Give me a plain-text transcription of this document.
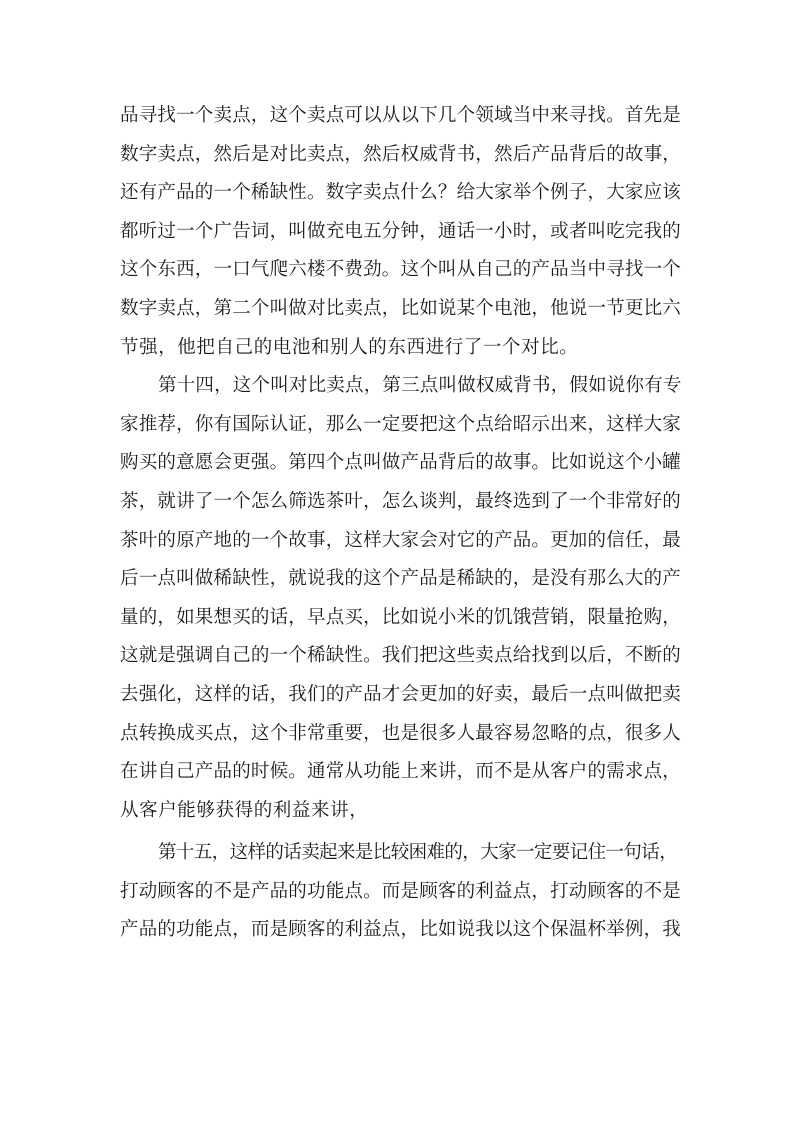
品寻找一个卖点，这个卖点可以从以下几个领域当中来寻找。首先是
数字卖点，然后是对比卖点，然后权威背书，然后产品背后的故事，
还有产品的一个稀缺性。数字卖点什么？给大家举个例子，大家应该
都听过一个广告词，叫做充电五分钟，通话一小时，或者叫吃完我的
这个东西，一口气爬六楼不费劲。这个叫从自己的产品当中寻找一个
数字卖点，第二个叫做对比卖点，比如说某个电池，他说一节更比六
节强，他把自己的电池和别人的东西进行了一个对比。
第十四，这个叫对比卖点，第三点叫做权威背书，假如说你有专
家推荐，你有国际认证，那么一定要把这个点给昭示出来，这样大家
购买的意愿会更强。第四个点叫做产品背后的故事。比如说这个小罐
茶，就讲了一个怎么筛选茶叶，怎么谈判，最终选到了一个非常好的
茶叶的原产地的一个故事，这样大家会对它的产品。更加的信任，最
后一点叫做稀缺性，就说我的这个产品是稀缺的，是没有那么大的产
量的，如果想买的话，早点买，比如说小米的饥饿营销，限量抢购，
这就是强调自己的一个稀缺性。我们把这些卖点给找到以后，不断的
去强化，这样的话，我们的产品才会更加的好卖，最后一点叫做把卖
点转换成买点，这个非常重要，也是很多人最容易忽略的点，很多人
在讲自己产品的时候。通常从功能上来讲，而不是从客户的需求点，
从客户能够获得的利益来讲，
第十五，这样的话卖起来是比较困难的，大家一定要记住一句话，
打动顾客的不是产品的功能点。而是顾客的利益点，打动顾客的不是
产品的功能点，而是顾客的利益点，比如说我以这个保温杯举例，我
